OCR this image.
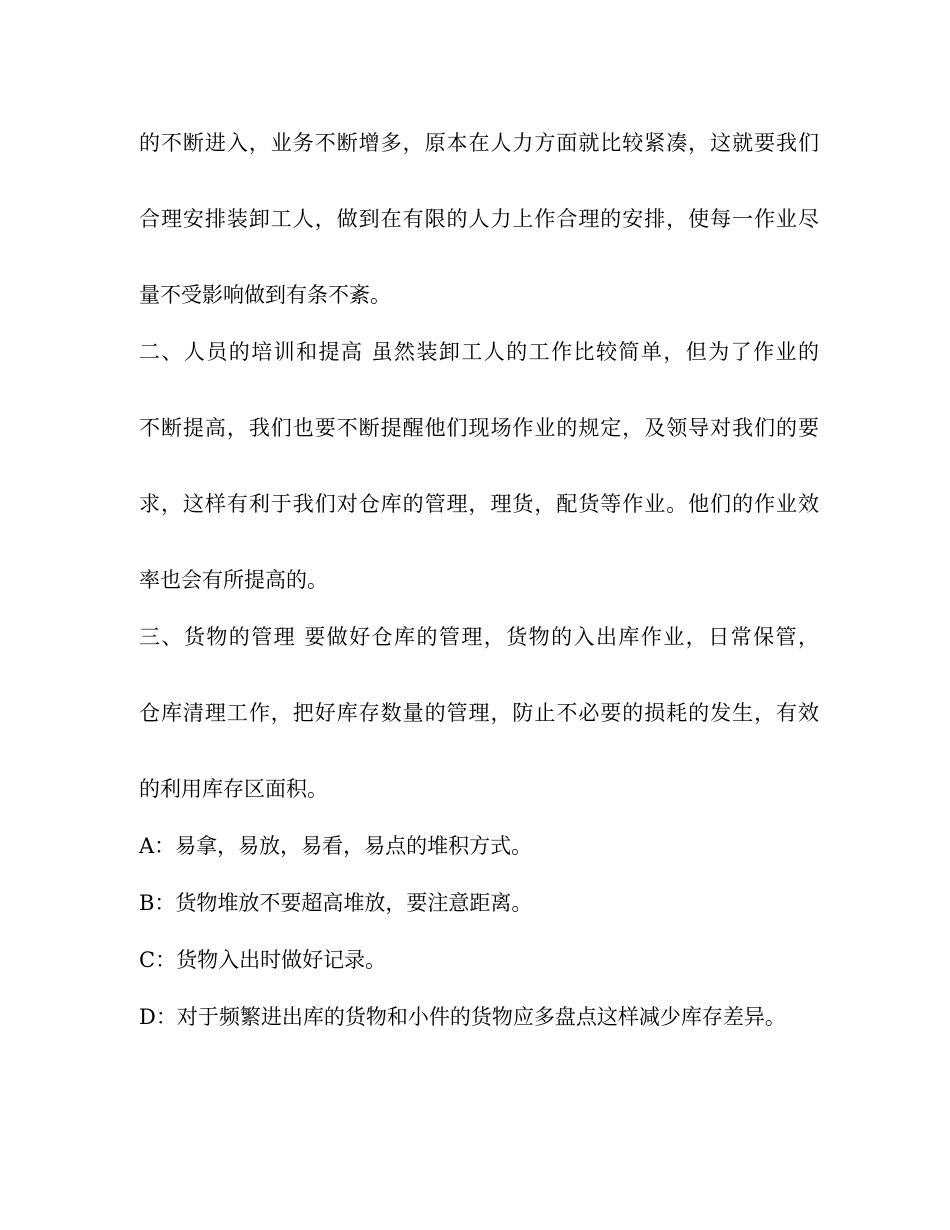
的不断进入，业务不断增多，原本在人力方面就比较紧凑，这就要我们
合理安排装卸工人，做到在有限的人力上作合理的安排，使每一作业尽
量不受影响做到有条不紊。
二、人员的培训和提高 虽然装卸工人的工作比较简单，但为了作业的
不断提高，我们也要不断提醒他们现场作业的规定，及领导对我们的要
求，这样有利于我们对仓库的管理，理货，配货等作业。他们的作业效
率也会有所提高的。
三、货物的管理 要做好仓库的管理，货物的入出库作业，日常保管，
仓库清理工作，把好库存数量的管理，防止不必要的损耗的发生，有效
的利用库存区面积。
A：易拿，易放，易看，易点的堆积方式。
B：货物堆放不要超高堆放，要注意距离。
C：货物入出时做好记录。
D：对于频繁进出库的货物和小件的货物应多盘点这样减少库存差异。
